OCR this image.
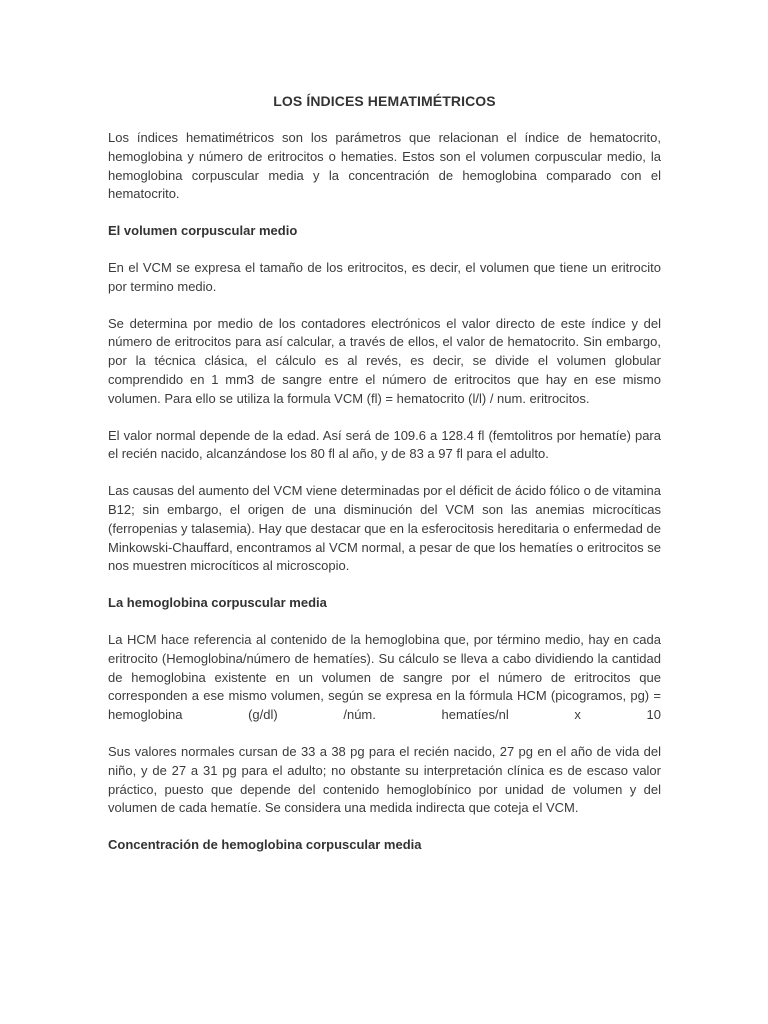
LOS ÍNDICES HEMATIMÉTRICOS

Los índices hematimétricos son los parámetros que relacionan el índice de hematocrito, hemoglobina y número de eritrocitos o hematies. Estos son el volumen corpuscular medio, la hemoglobina corpuscular media y la concentración de hemoglobina comparado con el hematocrito.

El volumen corpuscular medio

En el VCM se expresa el tamaño de los eritrocitos, es decir, el volumen que tiene un eritrocito por termino medio.

Se determina por medio de los contadores electrónicos el valor directo de este índice y del número de eritrocitos para así calcular, a través de ellos, el valor de hematocrito. Sin embargo, por la técnica clásica, el cálculo es al revés, es decir, se divide el volumen globular comprendido en 1 mm3 de sangre entre el número de eritrocitos que hay en ese mismo volumen. Para ello se utiliza la formula VCM (fl) = hematocrito (l/l) / num. eritrocitos.

El valor normal depende de la edad. Así será de 109.6 a 128.4 fl (femtolitros por hematíe) para el recién nacido, alcanzándose los 80 fl al año, y de 83 a 97 fl para el adulto.

Las causas del aumento del VCM viene determinadas por el déficit de ácido fólico o de vitamina B12; sin embargo, el origen de una disminución del VCM son las anemias microcíticas (ferropenias y talasemia). Hay que destacar que en la esferocitosis hereditaria o enfermedad de Minkowski-Chauffard, encontramos al VCM normal, a pesar de que los hematíes o eritrocitos se nos muestren microcíticos al microscopio.

La hemoglobina corpuscular media

La HCM hace referencia al contenido de la hemoglobina que, por término medio, hay en cada eritrocito (Hemoglobina/número de hematíes). Su cálculo se lleva a cabo dividiendo la cantidad de hemoglobina existente en un volumen de sangre por el número de eritrocitos que corresponden a ese mismo volumen, según se expresa en la fórmula HCM (picogramos, pg) = hemoglobina (g/dl) /núm. hematíes/nl x 10

Sus valores normales cursan de 33 a 38 pg para el recién nacido, 27 pg en el año de vida del niño, y de 27 a 31 pg para el adulto; no obstante su interpretación clínica es de escaso valor práctico, puesto que depende del contenido hemoglobínico por unidad de volumen y del volumen de cada hematíe. Se considera una medida indirecta que coteja el VCM.

Concentración de hemoglobina corpuscular media
